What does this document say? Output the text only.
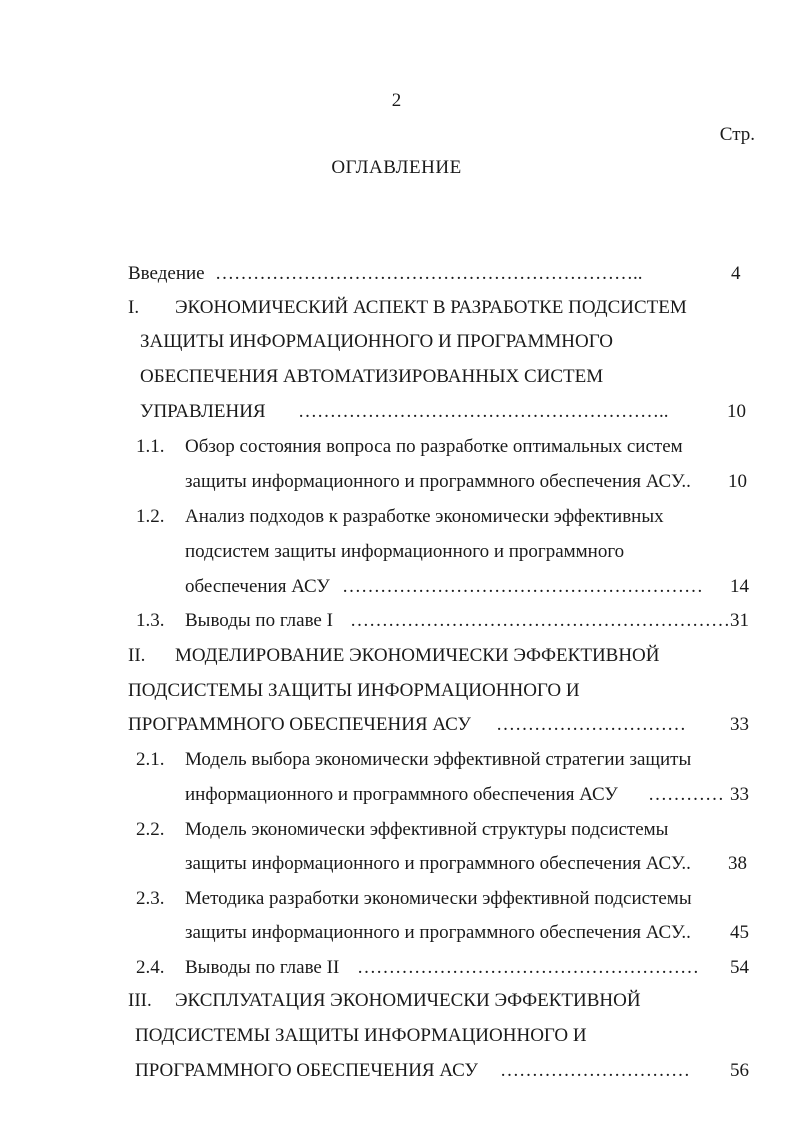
2
Стр.
ОГЛАВЛЕНИЕ
Введение …………………………………………………………..	4
I. ЭКОНОМИЧЕСКИЙ АСПЕКТ В РАЗРАБОТКЕ ПОДСИСТЕМ
ЗАЩИТЫ ИНФОРМАЦИОННОГО И ПРОГРАММНОГО
ОБЕСПЕЧЕНИЯ АВТОМАТИЗИРОВАННЫХ СИСТЕМ
УПРАВЛЕНИЯ …………………………………………………..	10
1.1. Обзор состояния вопроса по разработке оптимальных систем
защиты информационного и программного обеспечения АСУ.. 10
1.2. Анализ подходов к разработке экономически эффективных
подсистем защиты информационного и программного
обеспечения АСУ ………………………………………………… 14
1.3. Выводы по главе I …………………………………………………… 31
II. МОДЕЛИРОВАНИЕ ЭКОНОМИЧЕСКИ ЭФФЕКТИВНОЙ
ПОДСИСТЕМЫ ЗАЩИТЫ ИНФОРМАЦИОННОГО И
ПРОГРАММНОГО ОБЕСПЕЧЕНИЯ АСУ ………………………… 33
2.1. Модель выбора экономически эффективной стратегии защиты
информационного и программного обеспечения АСУ ………… 33
2.2. Модель экономически эффективной структуры подсистемы
защиты информационного и программного обеспечения АСУ.. 38
2.3. Методика разработки экономически эффективной подсистемы
защиты информационного и программного обеспечения АСУ.. 45
2.4. Выводы по главе II ……………………………………………… 54
III. ЭКСПЛУАТАЦИЯ ЭКОНОМИЧЕСКИ ЭФФЕКТИВНОЙ
ПОДСИСТЕМЫ ЗАЩИТЫ ИНФОРМАЦИОННОГО И
ПРОГРАММНОГО ОБЕСПЕЧЕНИЯ АСУ ………………………… 56
